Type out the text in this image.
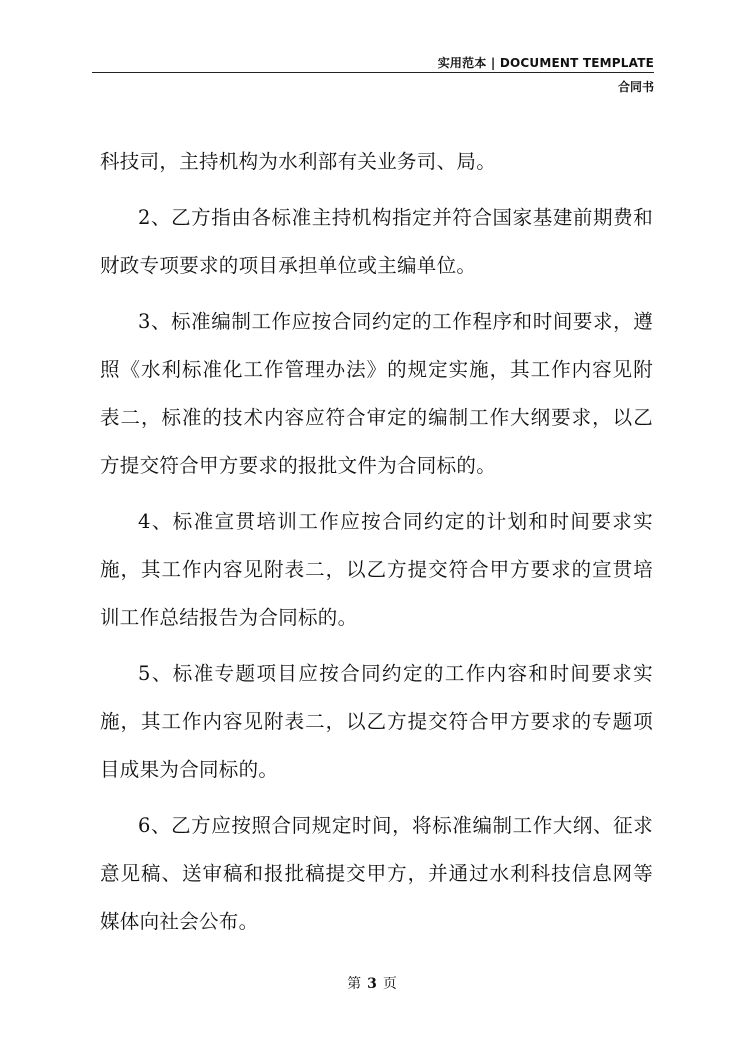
实用范本 | DOCUMENT TEMPLATE
合同书

科技司，主持机构为水利部有关业务司、局。

2、乙方指由各标准主持机构指定并符合国家基建前期费和财政专项要求的项目承担单位或主编单位。

3、标准编制工作应按合同约定的工作程序和时间要求，遵照《水利标准化工作管理办法》的规定实施，其工作内容见附表二，标准的技术内容应符合审定的编制工作大纲要求，以乙方提交符合甲方要求的报批文件为合同标的。

4、标准宣贯培训工作应按合同约定的计划和时间要求实施，其工作内容见附表二，以乙方提交符合甲方要求的宣贯培训工作总结报告为合同标的。

5、标准专题项目应按合同约定的工作内容和时间要求实施，其工作内容见附表二，以乙方提交符合甲方要求的专题项目成果为合同标的。

6、乙方应按照合同规定时间，将标准编制工作大纲、征求意见稿、送审稿和报批稿提交甲方，并通过水利科技信息网等媒体向社会公布。

第 3 页
